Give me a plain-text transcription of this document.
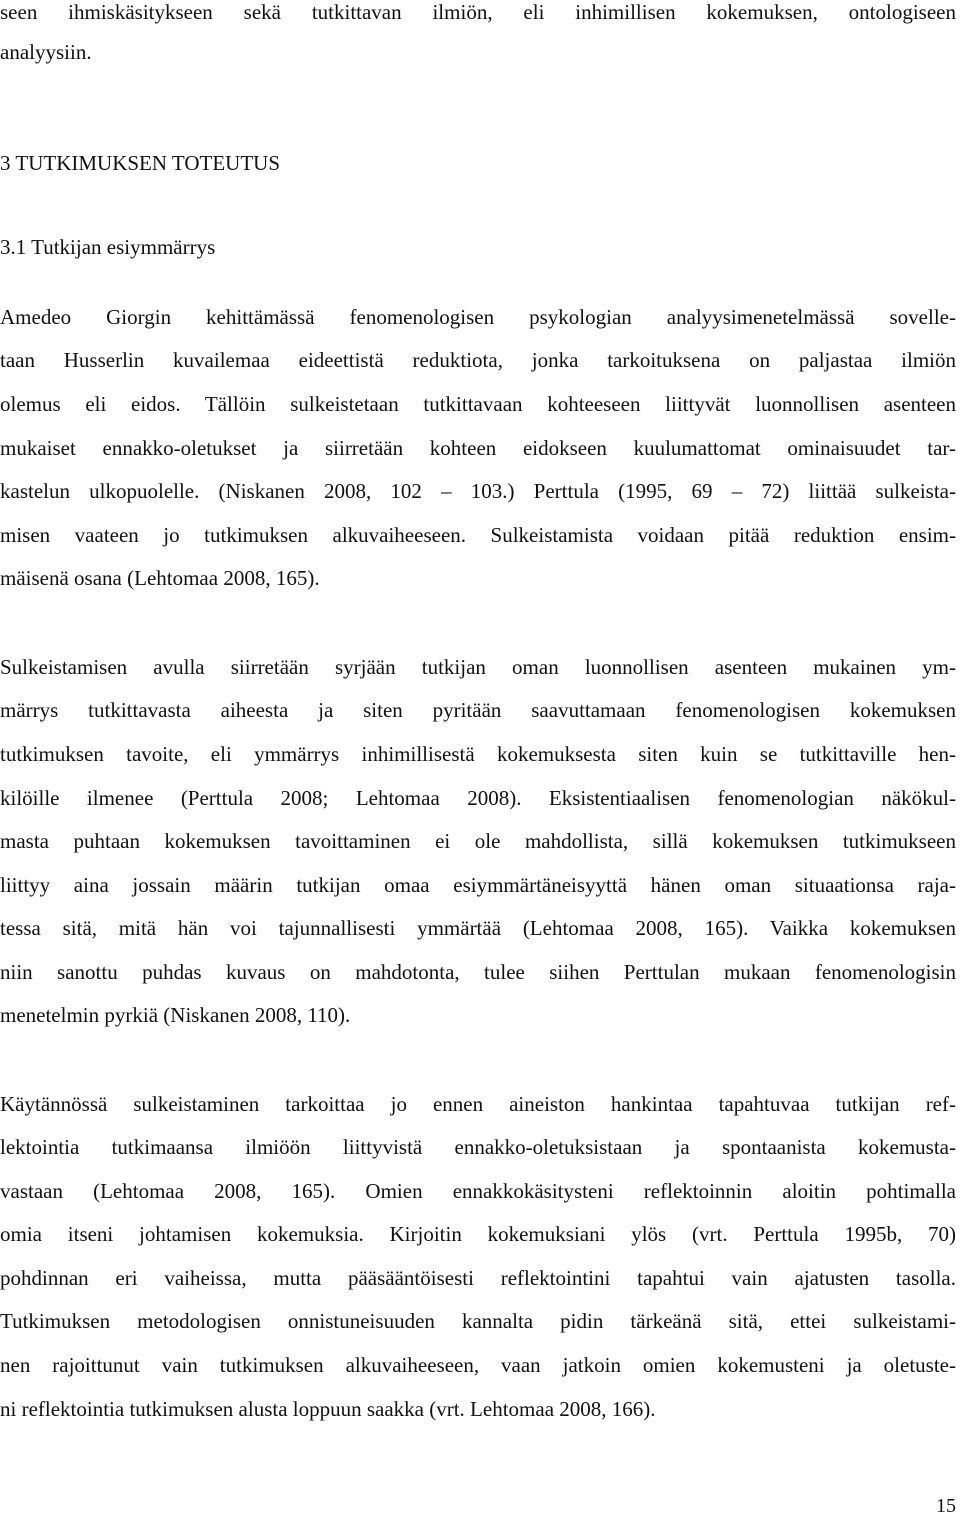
seen ihmiskäsitykseen sekä tutkittavan ilmiön, eli inhimillisen kokemuksen, ontologiseen
analyysiin.
3 TUTKIMUKSEN TOTEUTUS
3.1 Tutkijan esiymmärrys
Amedeo Giorgin kehittämässä fenomenologisen psykologian analyysimenetelmässä sovelle-
taan Husserlin kuvailemaa eideettistä reduktiota, jonka tarkoituksena on paljastaa ilmiön
olemus eli eidos. Tällöin sulkeistetaan tutkittavaan kohteeseen liittyvät luonnollisen asenteen
mukaiset ennakko-oletukset ja siirretään kohteen eidokseen kuulumattomat ominaisuudet tar-
kastelun ulkopuolelle. (Niskanen 2008, 102 – 103.) Perttula (1995, 69 – 72) liittää sulkeista-
misen vaateen jo tutkimuksen alkuvaiheeseen. Sulkeistamista voidaan pitää reduktion ensim-
mäisenä osana (Lehtomaa 2008, 165).
Sulkeistamisen avulla siirretään syrjään tutkijan oman luonnollisen asenteen mukainen ym-
märrys tutkittavasta aiheesta ja siten pyritään saavuttamaan fenomenologisen kokemuksen
tutkimuksen tavoite, eli ymmärrys inhimillisestä kokemuksesta siten kuin se tutkittaville hen-
kilöille ilmenee (Perttula 2008; Lehtomaa 2008). Eksistentiaalisen fenomenologian näkökul-
masta puhtaan kokemuksen tavoittaminen ei ole mahdollista, sillä kokemuksen tutkimukseen
liittyy aina jossain määrin tutkijan omaa esiymmärtäneisyyttä hänen oman situaationsa raja-
tessa sitä, mitä hän voi tajunnallisesti ymmärtää (Lehtomaa 2008, 165). Vaikka kokemuksen
niin sanottu puhdas kuvaus on mahdotonta, tulee siihen Perttulan mukaan fenomenologisin
menetelmin pyrkiä (Niskanen 2008, 110).
Käytännössä sulkeistaminen tarkoittaa jo ennen aineiston hankintaa tapahtuvaa tutkijan ref-
lektointia tutkimaansa ilmiöön liittyvistä ennakko-oletuksistaan ja spontaanista kokemusta-
vastaan (Lehtomaa 2008, 165). Omien ennakkokäsitysteni reflektoinnin aloitin pohtimalla
omia itseni johtamisen kokemuksia. Kirjoitin kokemuksiani ylös (vrt. Perttula 1995b, 70)
pohdinnan eri vaiheissa, mutta pääsääntöisesti reflektointini tapahtui vain ajatusten tasolla.
Tutkimuksen metodologisen onnistuneisuuden kannalta pidin tärkeänä sitä, ettei sulkeistami-
nen rajoittunut vain tutkimuksen alkuvaiheeseen, vaan jatkoin omien kokemusteni ja oletuste-
ni reflektointia tutkimuksen alusta loppuun saakka (vrt. Lehtomaa 2008, 166).
15
